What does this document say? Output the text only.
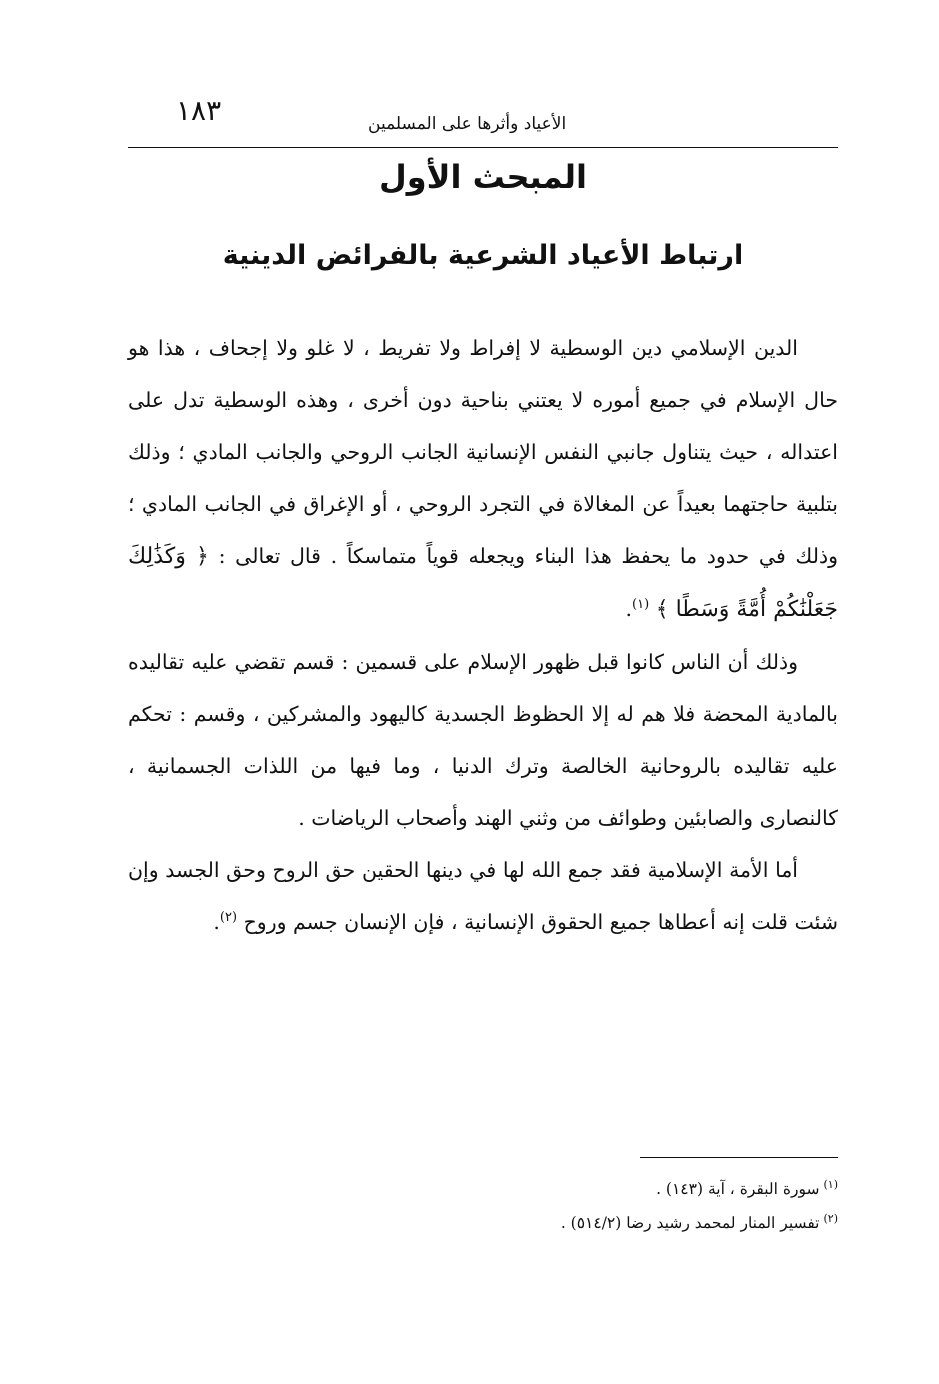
١٨٣	الأعياد وأثرها على المسلمين
المبحث الأول
ارتباط الأعياد الشرعية بالفرائض الدينية

الدين الإسلامي دين الوسطية لا إفراط ولا تفريط ، لا غلو ولا إجحاف ، هذا هو حال الإسلام في جميع أموره لا يعتني بناحية دون أخرى ، وهذه الوسطية تدل على اعتداله ، حيث يتناول جانبي النفس الإنسانية الجانب الروحي والجانب المادي ؛ وذلك بتلبية حاجتهما بعيداً عن المغالاة في التجرد الروحي ، أو الإغراق في الجانب المادي ؛ وذلك في حدود ما يحفظ هذا البناء ويجعله قوياً متماسكاً . قال تعالى : ﴿ وَكَذَٰلِكَ جَعَلْنَٰكُمْ أُمَّةً وَسَطًا ﴾ $^{(١)}$.

وذلك أن الناس كانوا قبل ظهور الإسلام على قسمين : قسم تقضي عليه تقاليده بالمادية المحضة فلا هم له إلا الحظوظ الجسدية كاليهود والمشركين ، وقسم : تحكم عليه تقاليده بالروحانية الخالصة وترك الدنيا ، وما فيها من اللذات الجسمانية ، كالنصارى والصابئين وطوائف من وثني الهند وأصحاب الرياضات .

أما الأمة الإسلامية فقد جمع الله لها في دينها الحقين حق الروح وحق الجسد وإن شئت قلت إنه أعطاها جميع الحقوق الإنسانية ، فإن الإنسان جسم وروح $^{(٢)}$.

$^{(١)}$سورة البقرة ، آية (١٤٣) .
$^{(٢)}$تفسير المنار لمحمد رشيد رضا (٥١٤/٢) .
